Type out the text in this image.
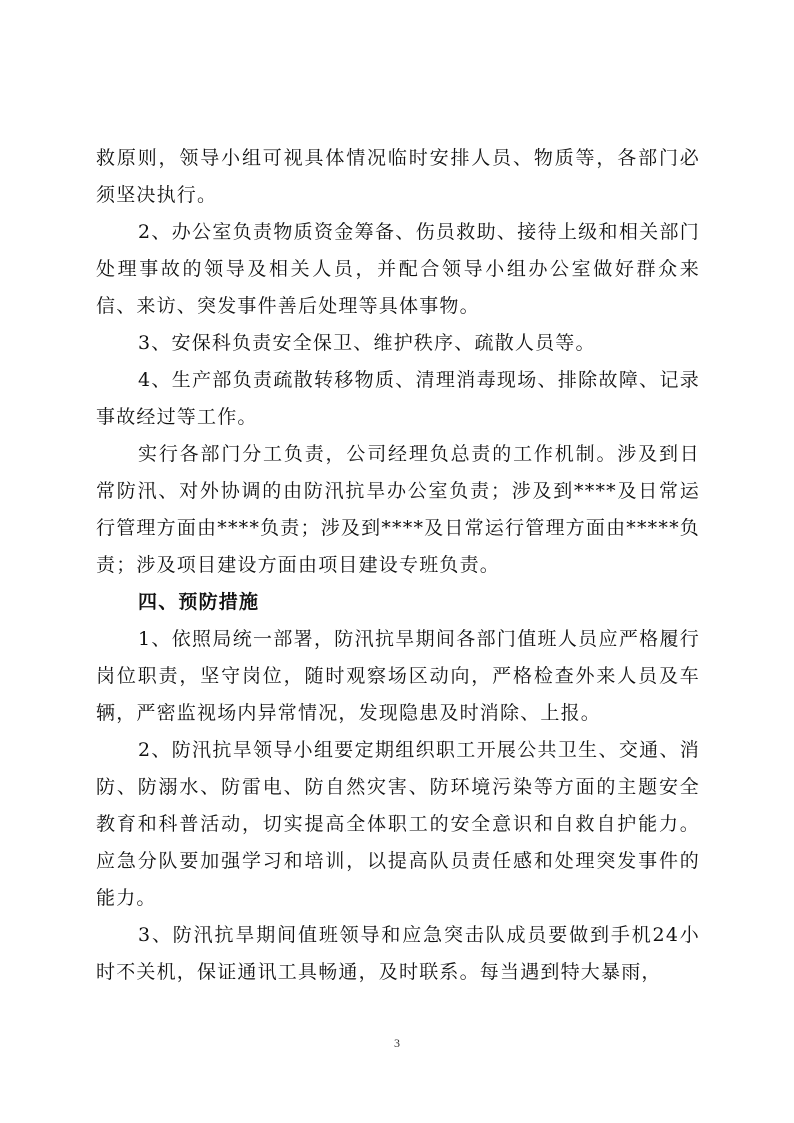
救原则，领导小组可视具体情况临时安排人员、物质等，各部门必须坚决执行。

2、办公室负责物质资金筹备、伤员救助、接待上级和相关部门处理事故的领导及相关人员，并配合领导小组办公室做好群众来信、来访、突发事件善后处理等具体事物。

3、安保科负责安全保卫、维护秩序、疏散人员等。

4、生产部负责疏散转移物质、清理消毒现场、排除故障、记录事故经过等工作。

实行各部门分工负责，公司经理负总责的工作机制。涉及到日常防汛、对外协调的由防汛抗旱办公室负责；涉及到****及日常运行管理方面由****负责；涉及到****及日常运行管理方面由*****负责；涉及项目建设方面由项目建设专班负责。

四、预防措施

1、依照局统一部署，防汛抗旱期间各部门值班人员应严格履行岗位职责，坚守岗位，随时观察场区动向，严格检查外来人员及车辆，严密监视场内异常情况，发现隐患及时消除、上报。

2、防汛抗旱领导小组要定期组织职工开展公共卫生、交通、消防、防溺水、防雷电、防自然灾害、防环境污染等方面的主题安全教育和科普活动，切实提高全体职工的安全意识和自救自护能力。应急分队要加强学习和培训，以提高队员责任感和处理突发事件的能力。

3、防汛抗旱期间值班领导和应急突击队成员要做到手机24小时不关机，保证通讯工具畅通，及时联系。每当遇到特大暴雨，

3
